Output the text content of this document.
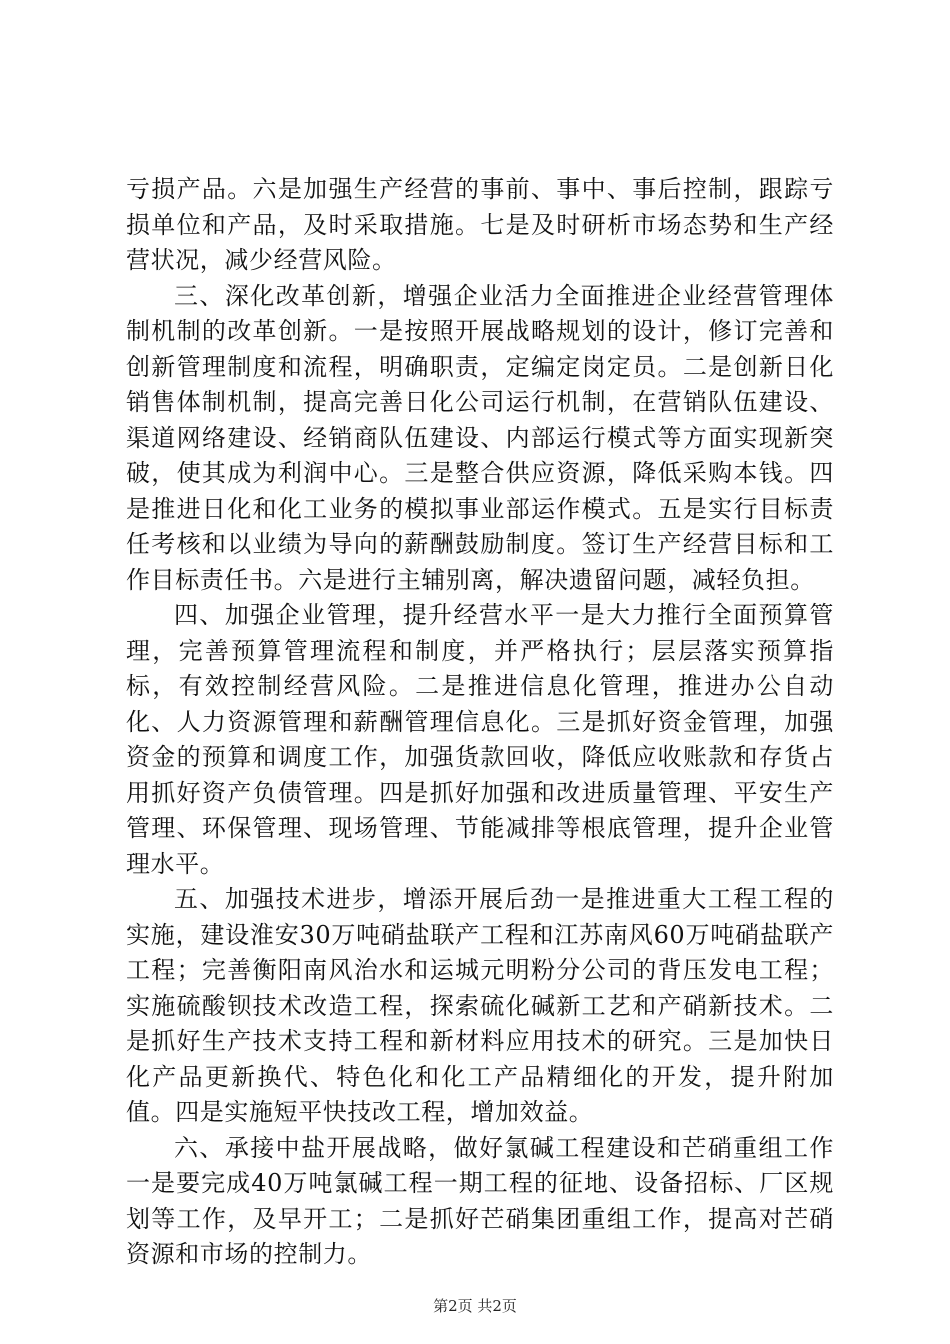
亏损产品。六是加强生产经营的事前、事中、事后控制，跟踪亏损单位和产品，及时采取措施。七是及时研析市场态势和生产经营状况，减少经营风险。

三、深化改革创新，增强企业活力全面推进企业经营管理体制机制的改革创新。一是按照开展战略规划的设计，修订完善和创新管理制度和流程，明确职责，定编定岗定员。二是创新日化销售体制机制，提高完善日化公司运行机制，在营销队伍建设、渠道网络建设、经销商队伍建设、内部运行模式等方面实现新突破，使其成为利润中心。三是整合供应资源，降低采购本钱。四是推进日化和化工业务的模拟事业部运作模式。五是实行目标责任考核和以业绩为导向的薪酬鼓励制度。签订生产经营目标和工作目标责任书。六是进行主辅别离，解决遗留问题，减轻负担。

四、加强企业管理，提升经营水平一是大力推行全面预算管理，完善预算管理流程和制度，并严格执行；层层落实预算指标，有效控制经营风险。二是推进信息化管理，推进办公自动化、人力资源管理和薪酬管理信息化。三是抓好资金管理，加强资金的预算和调度工作，加强货款回收，降低应收账款和存货占用抓好资产负债管理。四是抓好加强和改进质量管理、平安生产管理、环保管理、现场管理、节能减排等根底管理，提升企业管理水平。

五、加强技术进步，增添开展后劲一是推进重大工程工程的实施，建设淮安30万吨硝盐联产工程和江苏南风60万吨硝盐联产工程；完善衡阳南风治水和运城元明粉分公司的背压发电工程；实施硫酸钡技术改造工程，探索硫化碱新工艺和产硝新技术。二是抓好生产技术支持工程和新材料应用技术的研究。三是加快日化产品更新换代、特色化和化工产品精细化的开发，提升附加值。四是实施短平快技改工程，增加效益。

六、承接中盐开展战略，做好氯碱工程建设和芒硝重组工作一是要完成40万吨氯碱工程一期工程的征地、设备招标、厂区规划等工作，及早开工；二是抓好芒硝集团重组工作，提高对芒硝资源和市场的控制力。

第2页 共2页
